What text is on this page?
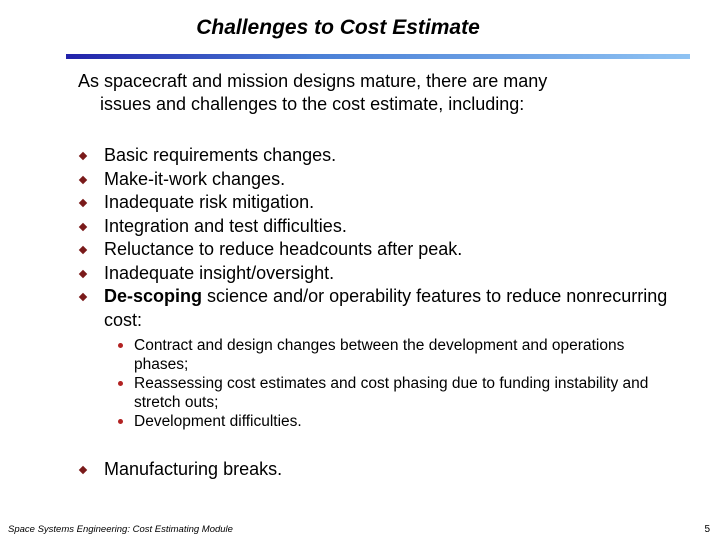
Challenges to Cost Estimate
As spacecraft and mission designs mature, there are many
issues and challenges to the cost estimate, including:
Basic requirements changes.
Make-it-work changes.
Inadequate risk mitigation.
Integration and test difficulties.
Reluctance to reduce headcounts after peak.
Inadequate insight/oversight.
De-scoping science and/or operability features to reduce nonrecurring cost:
Contract and design changes between the development and operations phases;
Reassessing cost estimates and cost phasing due to funding instability and stretch outs;
Development difficulties.
Manufacturing breaks.
Space Systems Engineering: Cost Estimating Module	5
